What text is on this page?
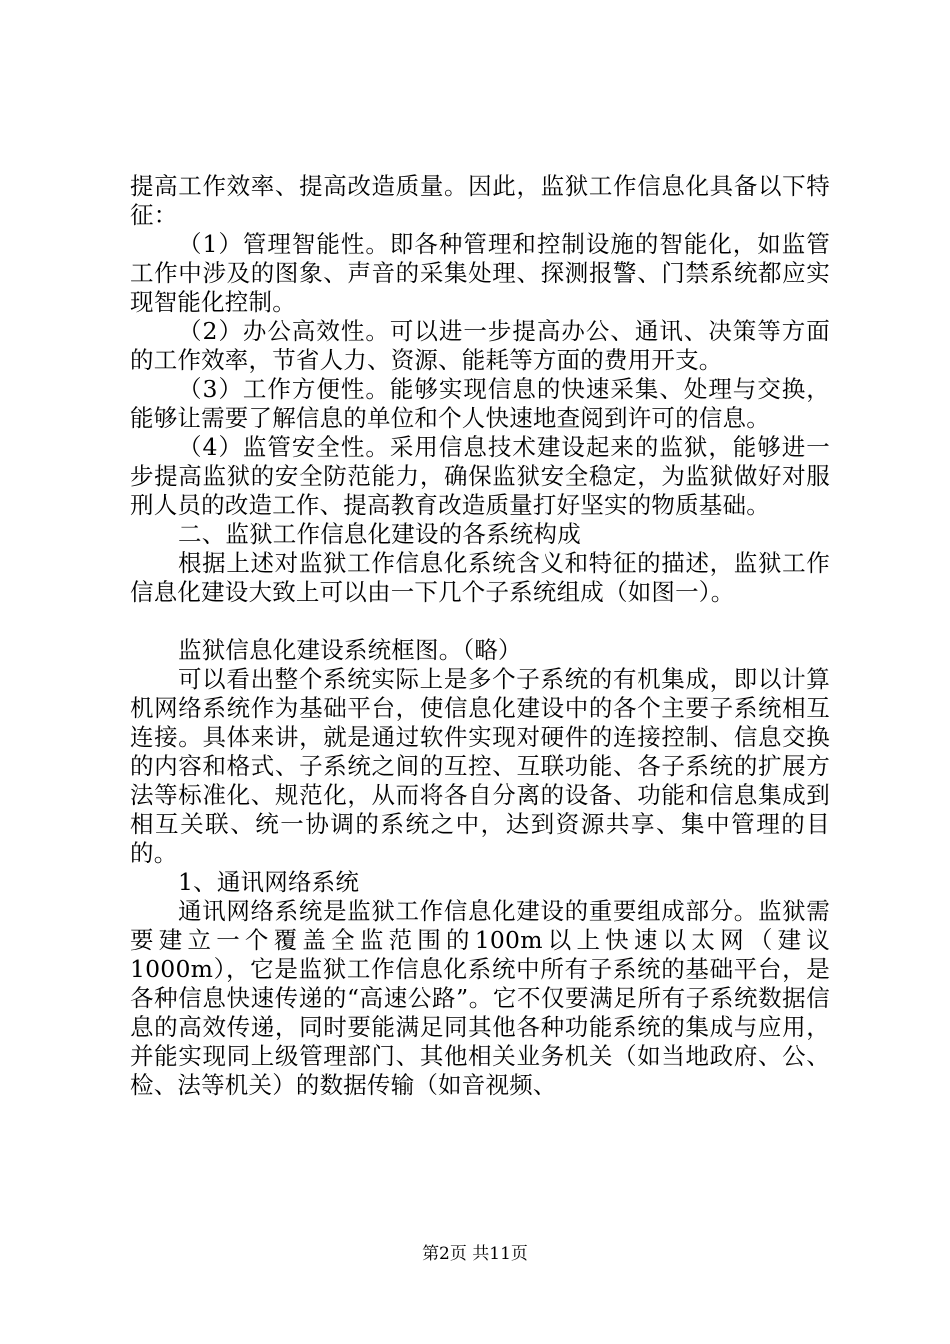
提高工作效率、提高改造质量。因此，监狱工作信息化具备以下特征：

（1）管理智能性。即各种管理和控制设施的智能化，如监管工作中涉及的图象、声音的采集处理、探测报警、门禁系统都应实现智能化控制。

（2）办公高效性。可以进一步提高办公、通讯、决策等方面的工作效率，节省人力、资源、能耗等方面的费用开支。

（3）工作方便性。能够实现信息的快速采集、处理与交换，能够让需要了解信息的单位和个人快速地查阅到许可的信息。

（4）监管安全性。采用信息技术建设起来的监狱，能够进一步提高监狱的安全防范能力，确保监狱安全稳定，为监狱做好对服刑人员的改造工作、提高教育改造质量打好坚实的物质基础。

二、监狱工作信息化建设的各系统构成

根据上述对监狱工作信息化系统含义和特征的描述，监狱工作信息化建设大致上可以由一下几个子系统组成（如图一）。

监狱信息化建设系统框图。（略）

可以看出整个系统实际上是多个子系统的有机集成，即以计算机网络系统作为基础平台，使信息化建设中的各个主要子系统相互连接。具体来讲，就是通过软件实现对硬件的连接控制、信息交换的内容和格式、子系统之间的互控、互联功能、各子系统的扩展方法等标准化、规范化，从而将各自分离的设备、功能和信息集成到相互关联、统一协调的系统之中，达到资源共享、集中管理的目的。

1、通讯网络系统

通讯网络系统是监狱工作信息化建设的重要组成部分。监狱需要建立一个覆盖全监范围的100m以上快速以太网（建议1000m），它是监狱工作信息化系统中所有子系统的基础平台，是各种信息快速传递的“高速公路”。它不仅要满足所有子系统数据信息的高效传递，同时要能满足同其他各种功能系统的集成与应用，并能实现同上级管理部门、其他相关业务机关（如当地政府、公、检、法等机关）的数据传输（如音视频、

第2页 共11页
